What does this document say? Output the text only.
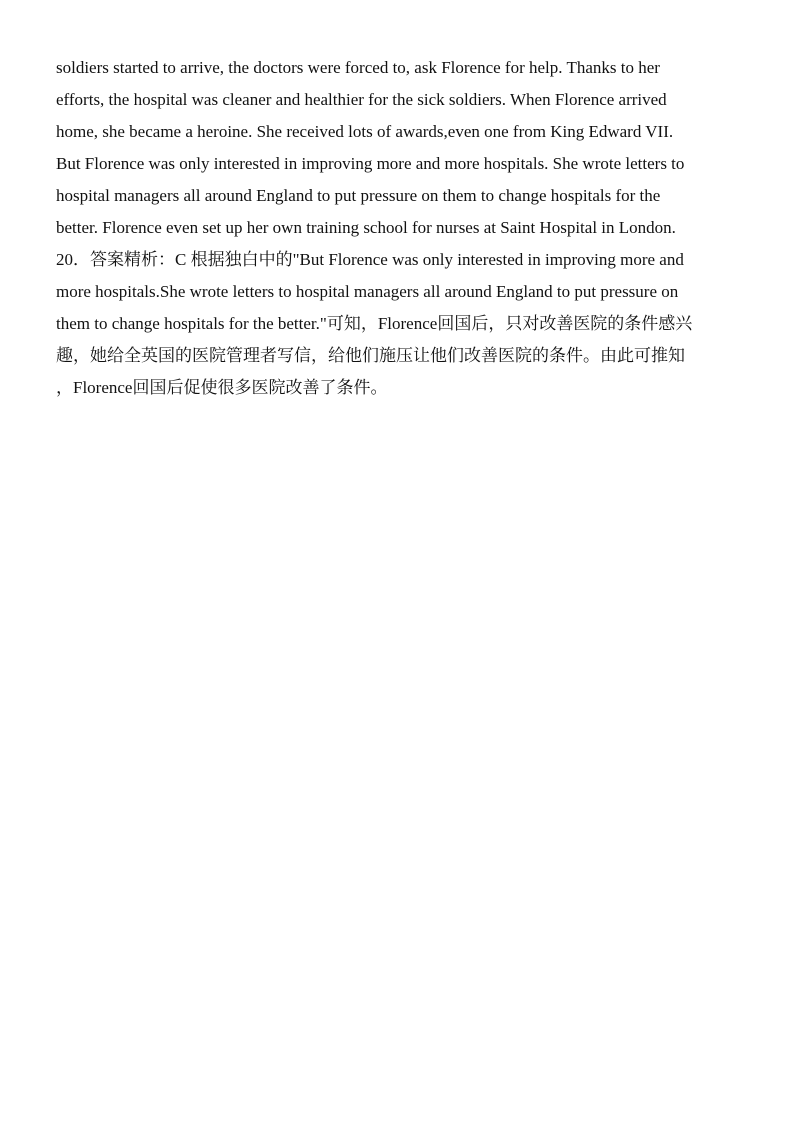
soldiers started to arrive, the doctors were forced to, ask Florence for help. Thanks to her
efforts, the hospital was cleaner and healthier for the sick soldiers. When Florence arrived
home, she became a heroine. She received lots of awards,even one from King Edward VII.
But Florence was only interested in improving more and more hospitals. She wrote letters to
hospital managers all around England to put pressure on them to change hospitals for the
better. Florence even set up her own training school for nurses at Saint Hospital in London.
20．答案精析：C 根据独白中的"But Florence was only interested in improving more and
more hospitals.She wrote letters to hospital managers all around England to put pressure on
them to change hospitals for the better."可知，Florence回国后，只对改善医院的条件感兴
趣，她给全英国的医院管理者写信，给他们施压让他们改善医院的条件。由此可推知
，Florence回国后促使很多医院改善了条件。
